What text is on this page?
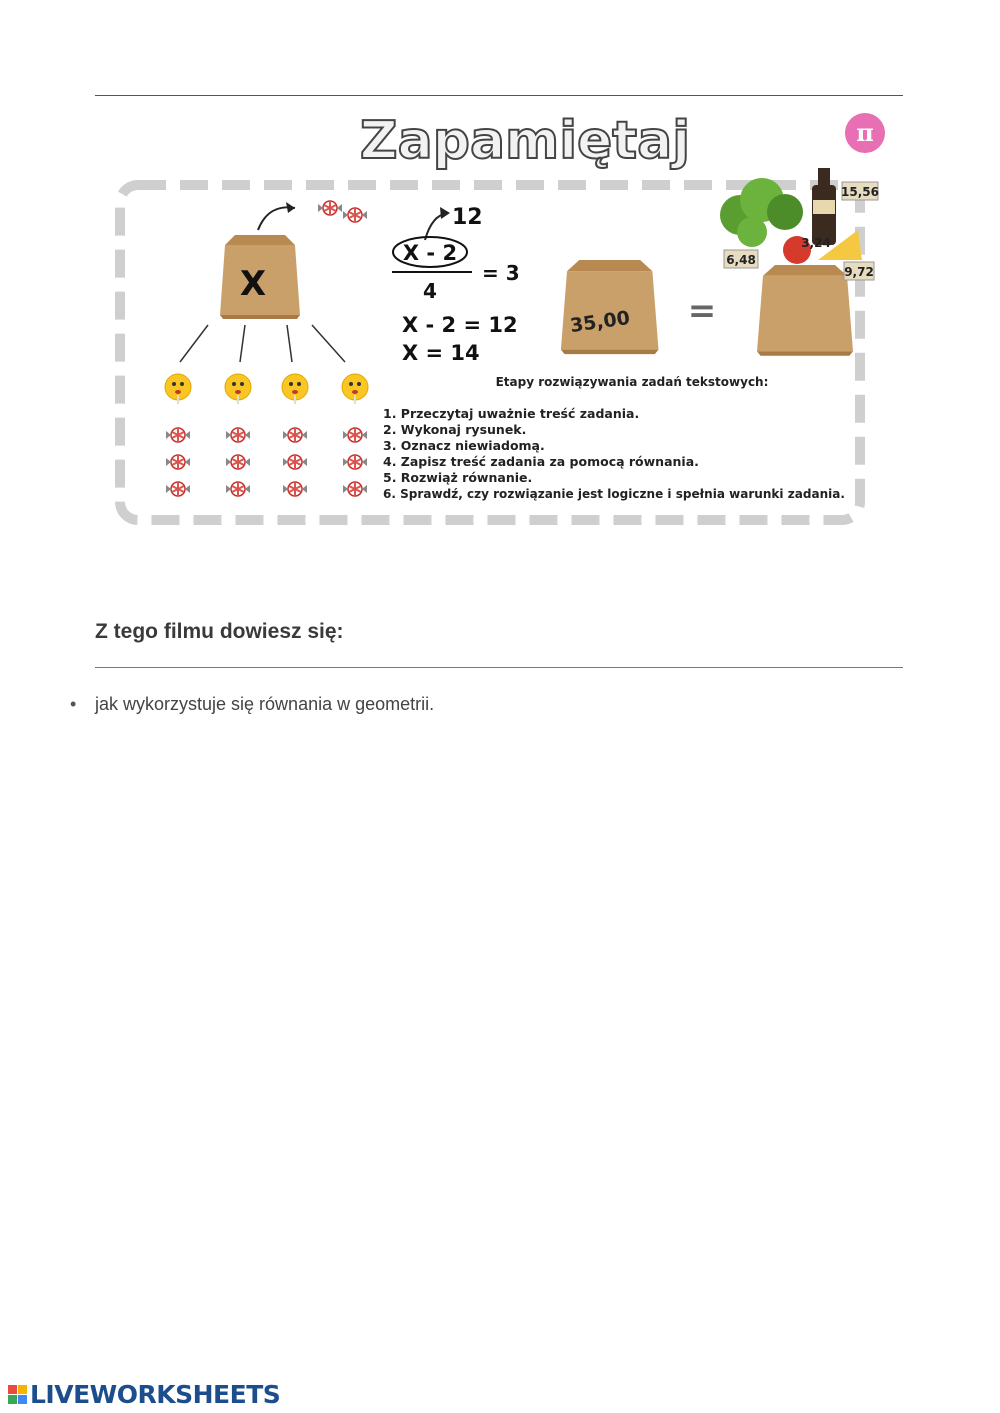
Zapamiętaj	π
X
12
X - 2
4
= 3
X - 2 = 12
X = 14
35,00 =
15,56
3,24
6,48
9,72
Etapy rozwiązywania zadań tekstowych:
1. Przeczytaj uważnie treść zadania.
2. Wykonaj rysunek.
3. Oznacz niewiadomą.
4. Zapisz treść zadania za pomocą równania.
5. Rozwiąż równanie.
6. Sprawdź, czy rozwiązanie jest logiczne i spełnia warunki zadania.
Z tego filmu dowiesz się:
•	jak wykorzystuje się równania w geometrii.
LIVEWORKSHEETS
